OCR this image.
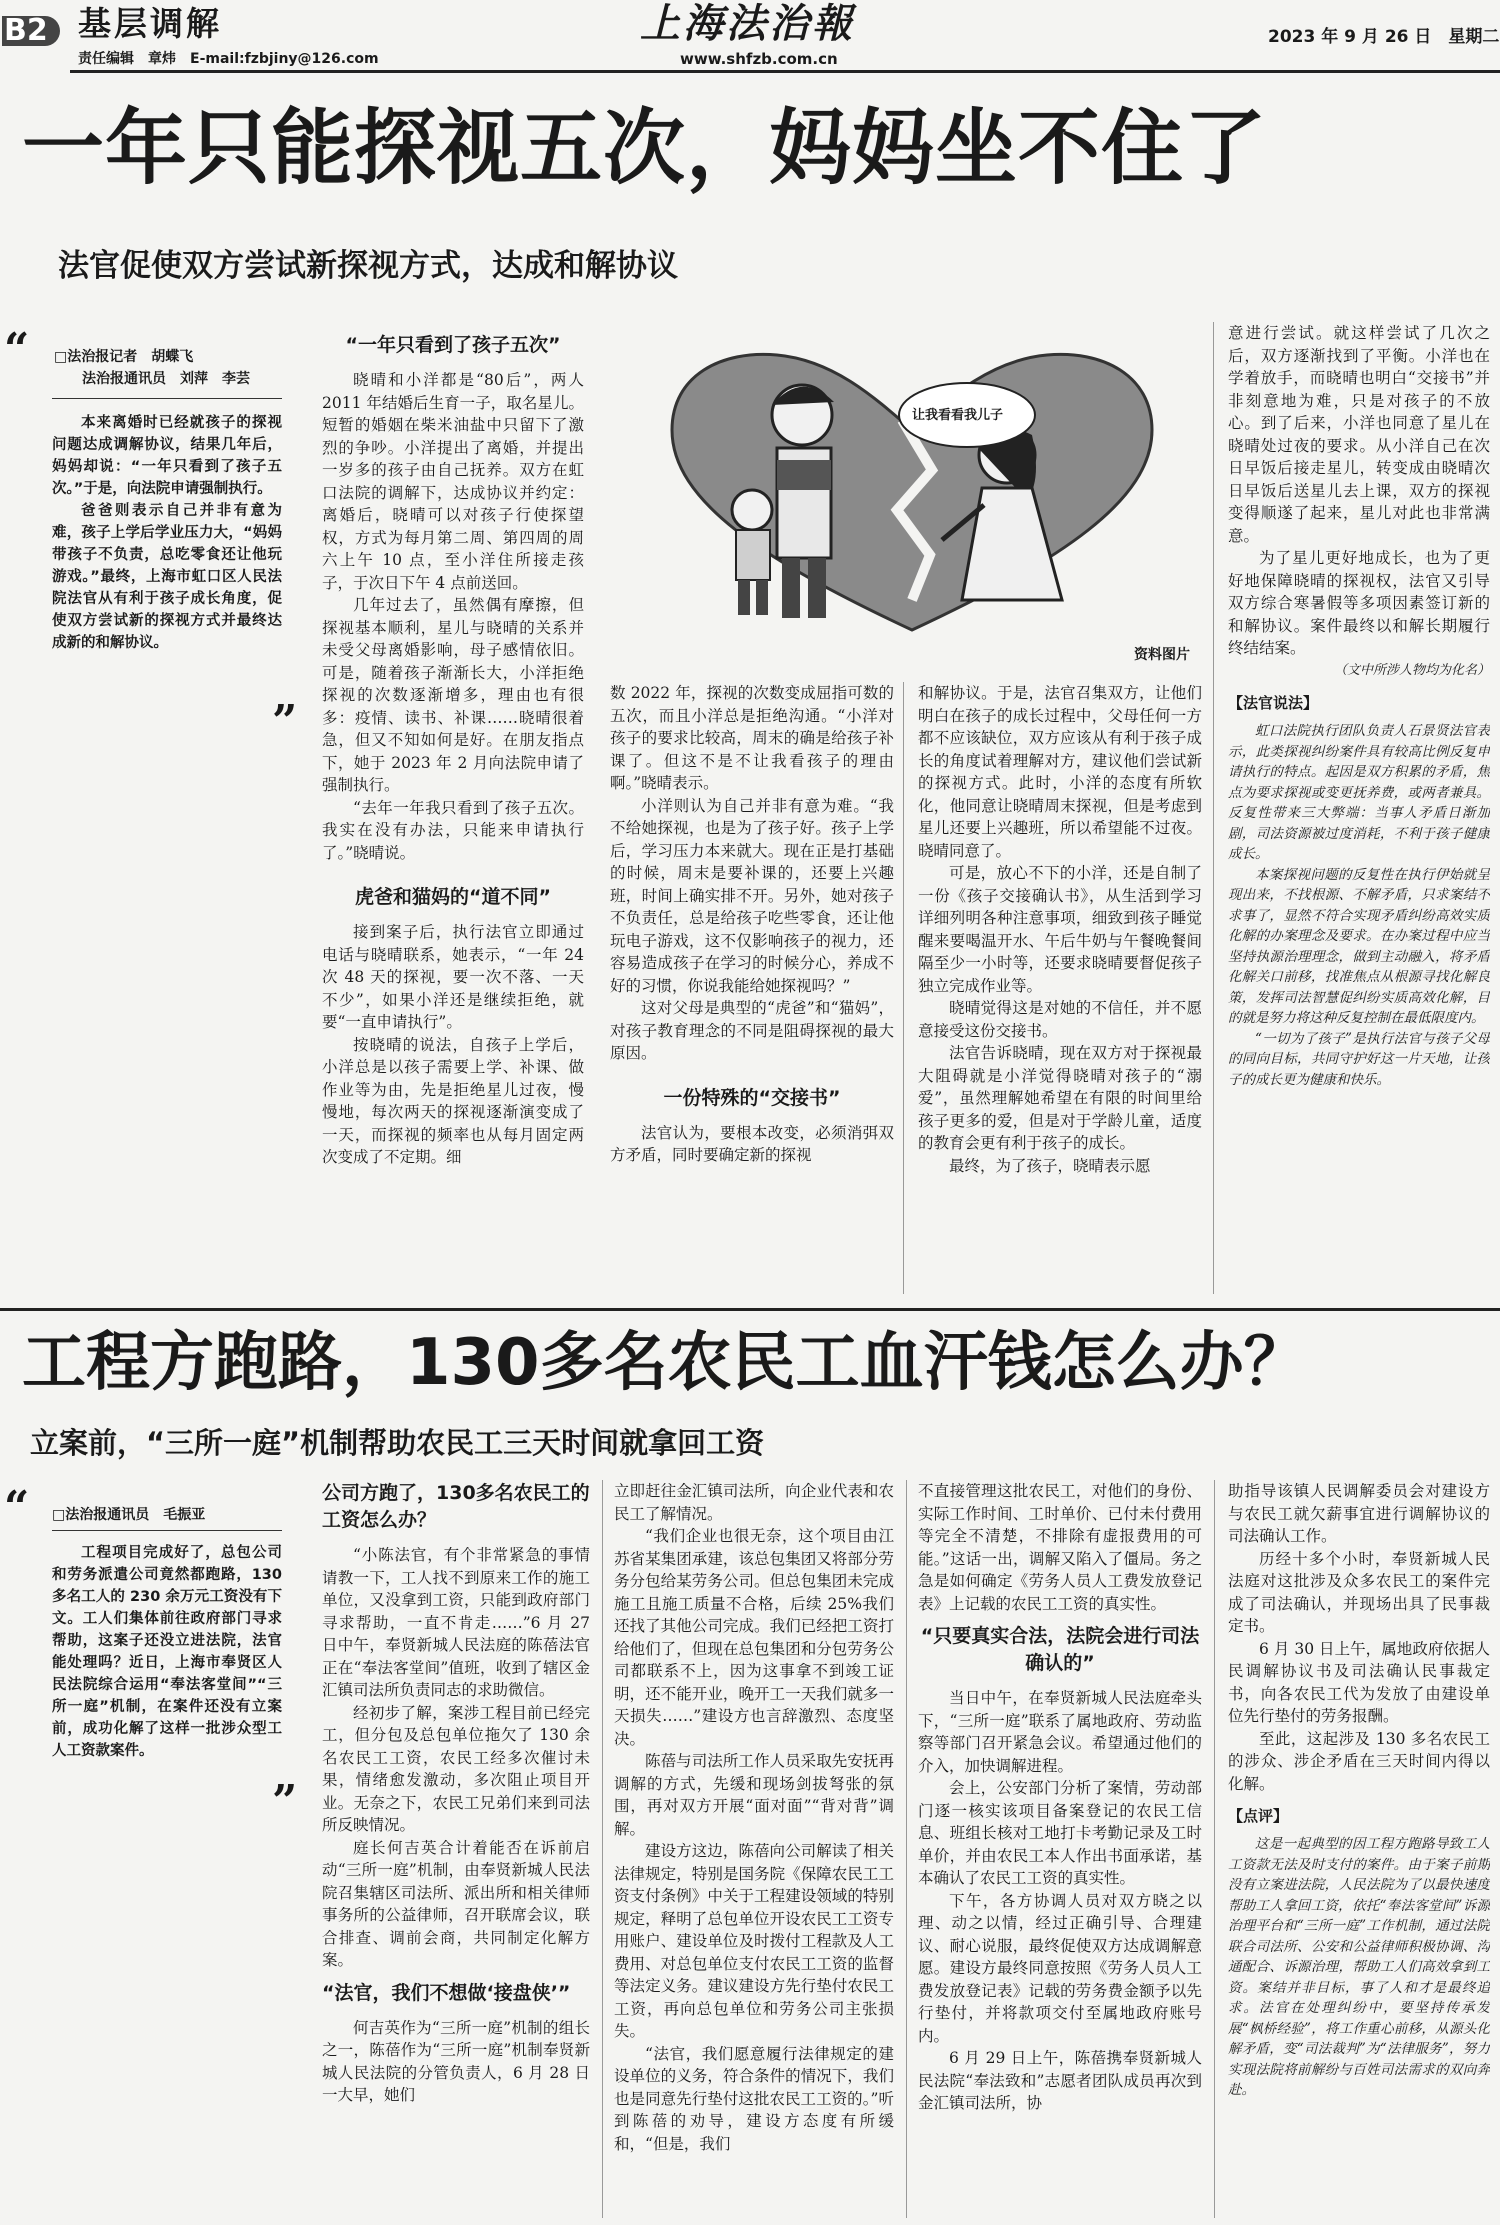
B2 基层调解
责任编辑　章炜　E-mail:fzbjiny@126.com
上海法治報
www.shfzb.com.cn
2023 年 9 月 26 日　星期二
一年只能探视五次，妈妈坐不住了
法官促使双方尝试新探视方式，达成和解协议
“ □法治报记者　胡蝶飞
法治报通讯员　刘萍　李芸

本来离婚时已经就孩子的探视问题达成调解协议，结果几年后，妈妈却说：“一年只看到了孩子五次。”于是，向法院申请强制执行。

爸爸则表示自己并非有意为难，孩子上学后学业压力大，“妈妈带孩子不负责，总吃零食还让他玩游戏。”最终，上海市虹口区人民法院法官从有利于孩子成长角度，促使双方尝试新的探视方式并最终达成新的和解协议。

”
“一年只看到了孩子五次”

晓晴和小洋都是“80后”，两人 2011 年结婚后生育一子，取名星儿。短暂的婚姻在柴米油盐中只留下了激烈的争吵。小洋提出了离婚，并提出一岁多的孩子由自己抚养。双方在虹口法院的调解下，达成协议并约定：离婚后，晓晴可以对孩子行使探望权，方式为每月第二周、第四周的周六上午 10 点，至小洋住所接走孩子，于次日下午 4 点前送回。

几年过去了，虽然偶有摩擦，但探视基本顺利，星儿与晓晴的关系并未受父母离婚影响，母子感情依旧。可是，随着孩子渐渐长大，小洋拒绝探视的次数逐渐增多，理由也有很多：疫情、读书、补课……晓晴很着急，但又不知如何是好。在朋友指点下，她于 2023 年 2 月向法院申请了强制执行。

“去年一年我只看到了孩子五次。我实在没有办法，只能来申请执行了。”晓晴说。

虎爸和猫妈的“道不同”

接到案子后，执行法官立即通过电话与晓晴联系，她表示，“一年 24 次 48 天的探视，要一次不落、一天不少”，如果小洋还是继续拒绝，就要“一直申请执行”。

按晓晴的说法，自孩子上学后，小洋总是以孩子需要上学、补课、做作业等为由，先是拒绝星儿过夜，慢慢地，每次两天的探视逐渐演变成了一天，而探视的频率也从每月固定两次变成了不定期。细

让我看看我儿子
资料图片

数 2022 年，探视的次数变成屈指可数的五次，而且小洋总是拒绝沟通。“小洋对孩子的要求比较高，周末的确是给孩子补课了。但这不是不让我看孩子的理由啊。”晓晴表示。

小洋则认为自己并非有意为难。“我不给她探视，也是为了孩子好。孩子上学后，学习压力本来就大。现在正是打基础的时候，周末是要补课的，还要上兴趣班，时间上确实排不开。另外，她对孩子不负责任，总是给孩子吃些零食，还让他玩电子游戏，这不仅影响孩子的视力，还容易造成孩子在学习的时候分心，养成不好的习惯，你说我能给她探视吗？”

这对父母是典型的“虎爸”和“猫妈”，对孩子教育理念的不同是阻碍探视的最大原因。

一份特殊的“交接书”

法官认为，要根本改变，必须消弭双方矛盾，同时要确定新的探视

和解协议。于是，法官召集双方，让他们明白在孩子的成长过程中，父母任何一方都不应该缺位，双方应该从有利于孩子成长的角度试着理解对方，建议他们尝试新的探视方式。此时，小洋的态度有所软化，他同意让晓晴周末探视，但是考虑到星儿还要上兴趣班，所以希望能不过夜。晓晴同意了。

可是，放心不下的小洋，还是自制了一份《孩子交接确认书》，从生活到学习详细列明各种注意事项，细致到孩子睡觉醒来要喝温开水、午后牛奶与午餐晚餐间隔至少一小时等，还要求晓晴要督促孩子独立完成作业等。

晓晴觉得这是对她的不信任，并不愿意接受这份交接书。

法官告诉晓晴，现在双方对于探视最大阻碍就是小洋觉得晓晴对孩子的“溺爱”，虽然理解她希望在有限的时间里给孩子更多的爱，但是对于学龄儿童，适度的教育会更有利于孩子的成长。

最终，为了孩子，晓晴表示愿

意进行尝试。就这样尝试了几次之后，双方逐渐找到了平衡。小洋也在学着放手，而晓晴也明白“交接书”并非刻意地为难，只是对孩子的不放心。到了后来，小洋也同意了星儿在晓晴处过夜的要求。从小洋自己在次日早饭后接走星儿，转变成由晓晴次日早饭后送星儿去上课，双方的探视变得顺遂了起来，星儿对此也非常满意。

为了星儿更好地成长，也为了更好地保障晓晴的探视权，法官又引导双方综合寒暑假等多项因素签订新的和解协议。案件最终以和解长期履行终结结案。

（文中所涉人物均为化名）

【法官说法】

虹口法院执行团队负责人石景贤法官表示，此类探视纠纷案件具有较高比例反复申请执行的特点。起因是双方积累的矛盾，焦点为要求探视或变更抚养费，或两者兼具。反复性带来三大弊端：当事人矛盾日渐加剧，司法资源被过度消耗，不利于孩子健康成长。

本案探视问题的反复性在执行伊始就呈现出来，不找根源、不解矛盾，只求案结不求事了，显然不符合实现矛盾纠纷高效实质化解的办案理念及要求。在办案过程中应当坚持执源治理理念，做到主动融入，将矛盾化解关口前移，找准焦点从根源寻找化解良策，发挥司法智慧促纠纷实质高效化解，目的就是努力将这种反复控制在最低限度内。

“一切为了孩子”是执行法官与孩子父母的同向目标，共同守护好这一片天地，让孩子的成长更为健康和快乐。

工程方跑路，130多名农民工血汗钱怎么办？
立案前，“三所一庭”机制帮助农民工三天时间就拿回工资
“ □法治报通讯员　毛振亚

工程项目完成好了，总包公司和劳务派遣公司竟然都跑路，130 多名工人的 230 余万元工资没有下文。工人们集体前往政府部门寻求帮助，这案子还没立进法院，法官能处理吗？近日，上海市奉贤区人民法院综合运用“奉法客堂间”“三所一庭”机制，在案件还没有立案前，成功化解了这样一批涉众型工人工资款案件。

”
公司方跑了，130多名农民工的工资怎么办？

“小陈法官，有个非常紧急的事情请教一下，工人找不到原来工作的施工单位，又没拿到工资，只能到政府部门寻求帮助，一直不肯走……”6 月 27 日中午，奉贤新城人民法庭的陈蓓法官正在“奉法客堂间”值班，收到了辖区金汇镇司法所负责同志的求助微信。

经初步了解，案涉工程目前已经完工，但分包及总包单位拖欠了 130 余名农民工工资，农民工经多次催讨未果，情绪愈发激动，多次阻止项目开业。无奈之下，农民工兄弟们来到司法所反映情况。

庭长何吉英合计着能否在诉前启动“三所一庭”机制，由奉贤新城人民法院召集辖区司法所、派出所和相关律师事务所的公益律师，召开联席会议，联合排查、调前会商，共同制定化解方案。

“法官，我们不想做‘接盘侠’”

何吉英作为“三所一庭”机制的组长之一，陈蓓作为“三所一庭”机制奉贤新城人民法院的分管负责人，6 月 28 日一大早，她们

立即赶往金汇镇司法所，向企业代表和农民工了解情况。

“我们企业也很无奈，这个项目由江苏省某集团承建，该总包集团又将部分劳务分包给某劳务公司。但总包集团未完成施工且施工质量不合格，后续 25%我们还找了其他公司完成。我们已经把工资打给他们了，但现在总包集团和分包劳务公司都联系不上，因为这事拿不到竣工证明，还不能开业，晚开工一天我们就多一天损失……”建设方也言辞激烈、态度坚决。

陈蓓与司法所工作人员采取先安抚再调解的方式，先缓和现场剑拔弩张的氛围，再对双方开展“面对面”“背对背”调解。

建设方这边，陈蓓向公司解读了相关法律规定，特别是国务院《保障农民工工资支付条例》中关于工程建设领域的特别规定，释明了总包单位开设农民工工资专用账户、建设单位及时拨付工程款及人工费用、对总包单位支付农民工工资的监督等法定义务。建议建设方先行垫付农民工工资，再向总包单位和劳务公司主张损失。

“法官，我们愿意履行法律规定的建设单位的义务，符合条件的情况下，我们也是同意先行垫付这批农民工工资的。”听到陈蓓的劝导，建设方态度有所缓和，“但是，我们

不直接管理这批农民工，对他们的身份、实际工作时间、工时单价、已付未付费用等完全不清楚，不排除有虚报费用的可能。”这话一出，调解又陷入了僵局。务之急是如何确定《劳务人员人工费发放登记表》上记载的农民工工资的真实性。

“只要真实合法，法院会进行司法确认的”

当日中午，在奉贤新城人民法庭牵头下，“三所一庭”联系了属地政府、劳动监察等部门召开紧急会议。希望通过他们的介入，加快调解进程。

会上，公安部门分析了案情，劳动部门逐一核实该项目备案登记的农民工信息、班组长核对工地打卡考勤记录及工时单价，并由农民工本人作出书面承诺，基本确认了农民工工资的真实性。

下午，各方协调人员对双方晓之以理、动之以情，经过正确引导、合理建议、耐心说服，最终促使双方达成调解意愿。建设方最终同意按照《劳务人员人工费发放登记表》记载的劳务费金额予以先行垫付，并将款项交付至属地政府账号内。

6 月 29 日上午，陈蓓携奉贤新城人民法院“奉法致和”志愿者团队成员再次到金汇镇司法所，协

助指导该镇人民调解委员会对建设方与农民工就欠薪事宜进行调解协议的司法确认工作。

历经十多个小时，奉贤新城人民法庭对这批涉及众多农民工的案件完成了司法确认，并现场出具了民事裁定书。

6 月 30 日上午，属地政府依据人民调解协议书及司法确认民事裁定书，向各农民工代为发放了由建设单位先行垫付的劳务报酬。

至此，这起涉及 130 多名农民工的涉众、涉企矛盾在三天时间内得以化解。

【点评】

这是一起典型的因工程方跑路导致工人工资款无法及时支付的案件。由于案子前期没有立案进法院，人民法院为了以最快速度帮助工人拿回工资，依托“奉法客堂间”诉源治理平台和“三所一庭”工作机制，通过法院联合司法所、公安和公益律师积极协调、沟通配合、诉源治理，帮助工人们高效拿到工资。案结并非目标，事了人和才是最终追求。法官在处理纠纷中，要坚持传承发展“枫桥经验”，将工作重心前移，从源头化解矛盾，变“司法裁判”为“法律服务”，努力实现法院将前解纷与百姓司法需求的双向奔赴。
